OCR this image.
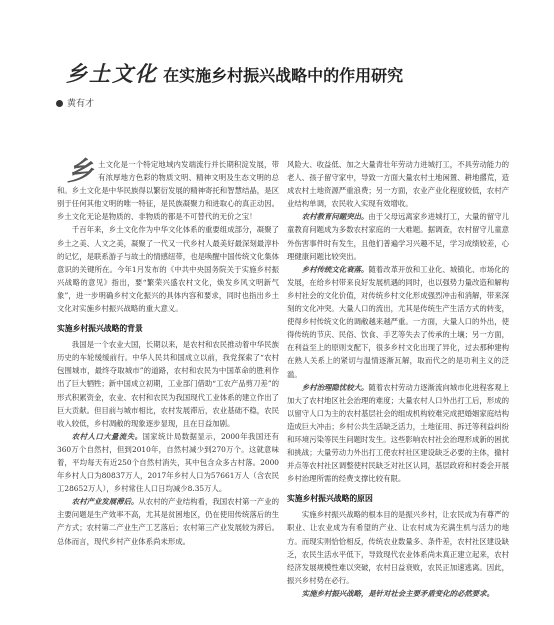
乡土文化 在实施乡村振兴战略中的作用研究
黄有才

乡土文化是一个特定地域内发端流行并长期积淀发展，带有浓厚地方色彩的物质文明、精神文明及生态文明的总和。乡土文化是中华民族得以繁衍发展的精神寄托和智慧结晶，是区别于任何其他文明的唯一特征，是民族凝聚力和进取心的真正动因。乡土文化无论是物质的、非物质的都是不可替代的无价之宝！

千百年来，乡土文化作为中华文化体系的重要组成部分，凝聚了乡土之美、人文之美，凝聚了一代又一代乡村人最美好最深刻最淳朴的记忆，是联系游子与故土的情感纽带，也是唤醒中国传统文化集体意识的关键所在。今年1月发布的《中共中央国务院关于实施乡村振兴战略的意见》指出，要“繁荣兴盛农村文化，焕发乡风文明新气象”，进一步明确乡村文化振兴的具体内容和要求，同时也指出乡土文化对实施乡村振兴战略的重大意义。

实施乡村振兴战略的背景

我国是一个农业大国，长期以来，是农村和农民推动着中华民族历史的车轮缓缓前行。中华人民共和国成立以前，我党探索了“农村包围城市，最终夺取城市”的道路，农村和农民为中国革命的胜利作出了巨大牺牲；新中国成立初期，工业部门借助“工农产品剪刀差”的形式积累资金，农业、农村和农民为我国现代工业体系的建立作出了巨大贡献。但目前与城市相比，农村发展滞后，农业基础不稳，农民收入较低，乡村凋敝的现象逐步显现，且在日益加剧。

农村人口大量流失。国家统计局数据显示，2000年我国还有360万个自然村，但到2010年，自然村减少到270万个。这就意味着，平均每天有近250个自然村消失，其中包含众多古村落。2000年乡村人口为80837万人，2017年乡村人口为57661万人（含农民工28652万人），乡村常住人口日均减少8.35万人。

农村产业发展滞后。从农村的产业结构看，我国农村第一产业的主要问题是生产效率不高，尤其是贫困地区，仍在使用传统落后的生产方式；农村第二产业生产工艺落后；农村第三产业发展较为滞后。总体而言，现代乡村产业体系尚未形成。

风险大、收益低、加之大量青壮年劳动力进城打工，不具劳动能力的老人、孩子留守家中，导致一方面大量农村土地闲置、耕地撂荒，造成农村土地资源严重浪费；另一方面，农业产业化程度较低，农村产业结构单调，农民收入实现有效增收。

农村教育问题突出。由于父母远离家乡进城打工，大量的留守儿童教育问题成为多数农村家庭的一大难题。据调查，农村留守儿童意外伤害事件时有发生，且他们普遍学习兴趣不足，学习成绩较差，心理健康问题比较突出。

乡村传统文化衰落。随着改革开放和工业化、城镇化、市场化的发展，在给乡村带来良好发展机遇的同时，也以强势力量改造和解构乡村社会的文化价值，对传统乡村文化形成强烈冲击和消解，带来深刻的文化冲突。大量人口的流出，尤其是传统生产生活方式的转变，使得乡村传统文化的调敝越来越严重。一方面，大量人口的外出，使得传统的节庆、民俗、饮食、手艺等失去了传承的土壤；另一方面，在利益至上的原则支配下，很多乡村文化出现了异化，过去那种建构在熟人关系上的紧切与温情逐渐瓦解，取而代之的是功利主义的泛滥。

乡村治理隐忧较大。随着农村劳动力逐渐流向城市化进程客观上加大了农村地区社会治理的难度；大量农村人口外出打工后，形成的以留守人口为主的农村基层社会的组成机构较难完成把婚姻家庭结构造成巨大冲击；乡村公共生活缺乏活力，土地征用、拆迁等利益纠纷和环境污染等民生问题时发生。这些影响农村社会治理形成新的困扰和挑战；大量劳动力外出打工使农村社区建设缺乏必要的主体，撤村并点等农村社区调整使村民缺乏对社区认同，基层政府和村委会开展乡村治理所需的经费支撑比较有限。

实施乡村振兴战略的原因

实施乡村振兴战略的根本目的是振兴乡村，让农民成为有尊严的职业、让农业成为有希望的产业、让农村成为充满生机与活力的地方。而现实则恰恰相反，传统农业数量多、条件差，农村社区建设缺乏，农民生活水平低下，导致现代农业体系尚未真正建立起来，农村经济发展规模性难以突破，农村日益衰败，农民正加速逃离。因此，振兴乡村势在必行。

实施乡村振兴战略，是针对社会主要矛盾变化的必然要求。
